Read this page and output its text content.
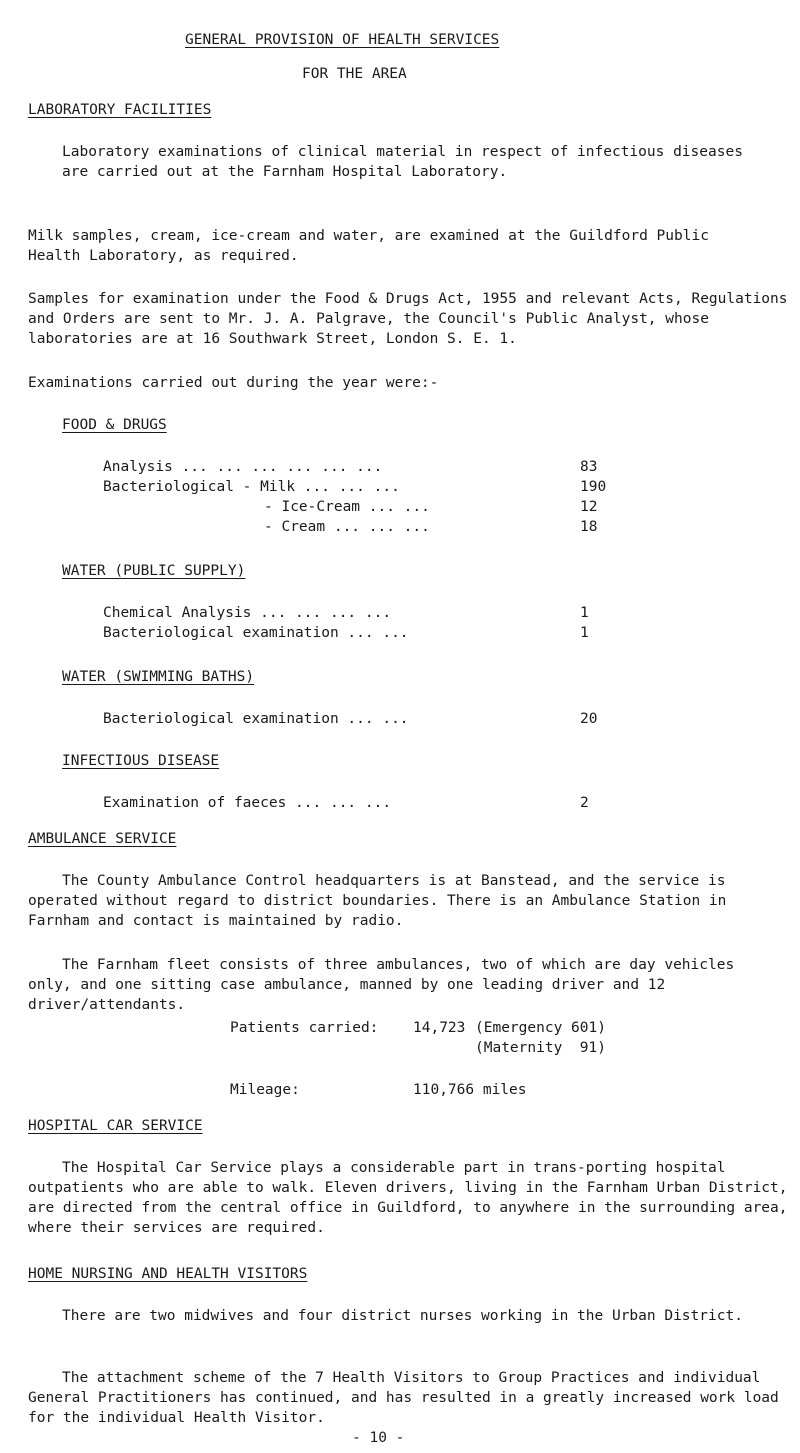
GENERAL PROVISION OF HEALTH SERVICES
FOR THE AREA
LABORATORY FACILITIES

Laboratory examinations of clinical material in respect of infectious diseases are carried out at the Farnham Hospital Laboratory.

Milk samples, cream, ice-cream and water, are examined at the Guildford Public Health Laboratory, as required.

Samples for examination under the Food & Drugs Act, 1955 and relevant Acts, Regulations and Orders are sent to Mr. J. A. Palgrave, the Council's Public Analyst, whose laboratories are at 16 Southwark Street, London S. E. 1.

Examinations carried out during the year were:-
FOOD & DRUGS
Analysis ... ... ... ... ... ...	83
Bacteriological - Milk ... ... ...	190
- Ice-Cream ... ...	12
- Cream ... ... ...	18
WATER (PUBLIC SUPPLY)
Chemical Analysis ... ... ... ...	1
Bacteriological examination ... ...	1
WATER (SWIMMING BATHS)
Bacteriological examination ... ...	20
INFECTIOUS DISEASE
Examination of faeces ... ... ...	2
AMBULANCE SERVICE

The County Ambulance Control headquarters is at Banstead, and the service is operated without regard to district boundaries. There is an Ambulance Station in Farnham and contact is maintained by radio.

The Farnham fleet consists of three ambulances, two of which are day vehicles only, and one sitting case ambulance, manned by one leading driver and 12 driver/attendants.

Patients carried: 14,723 (Emergency 601)
(Maternity  91)
Mileage:	110,766 miles
HOSPITAL CAR SERVICE

The Hospital Car Service plays a considerable part in trans-porting hospital outpatients who are able to walk. Eleven drivers, living in the Farnham Urban District, are directed from the central office in Guildford, to anywhere in the surrounding area, where their services are required.

HOME NURSING AND HEALTH VISITORS

There are two midwives and four district nurses working in the Urban District.

The attachment scheme of the 7 Health Visitors to Group Practices and individual General Practitioners has continued, and has resulted in a greatly increased work load for the individual Health Visitor.

- 10 -
